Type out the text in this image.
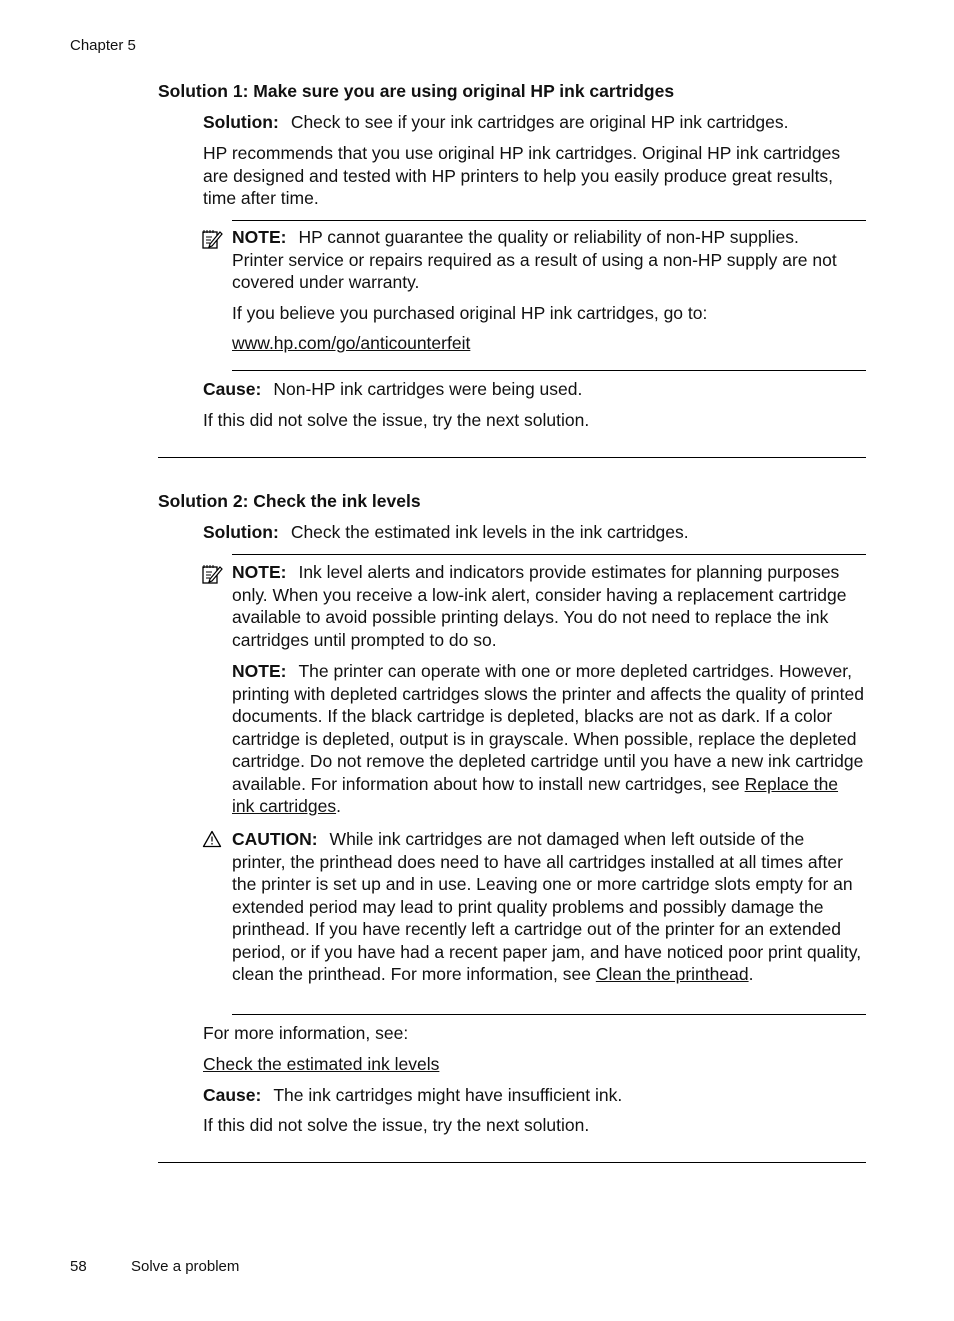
Chapter 5
Solution 1: Make sure you are using original HP ink cartridges
Solution: Check to see if your ink cartridges are original HP ink cartridges.
HP recommends that you use original HP ink cartridges. Original HP ink cartridges are designed and tested with HP printers to help you easily produce great results, time after time.
NOTE: HP cannot guarantee the quality or reliability of non-HP supplies. Printer service or repairs required as a result of using a non-HP supply are not covered under warranty.
If you believe you purchased original HP ink cartridges, go to:
www.hp.com/go/anticounterfeit
Cause: Non-HP ink cartridges were being used.
If this did not solve the issue, try the next solution.
Solution 2: Check the ink levels
Solution: Check the estimated ink levels in the ink cartridges.
NOTE: Ink level alerts and indicators provide estimates for planning purposes only. When you receive a low-ink alert, consider having a replacement cartridge available to avoid possible printing delays. You do not need to replace the ink cartridges until prompted to do so.
NOTE: The printer can operate with one or more depleted cartridges. However, printing with depleted cartridges slows the printer and affects the quality of printed documents. If the black cartridge is depleted, blacks are not as dark. If a color cartridge is depleted, output is in grayscale. When possible, replace the depleted cartridge. Do not remove the depleted cartridge until you have a new ink cartridge available. For information about how to install new cartridges, see Replace the ink cartridges.
CAUTION: While ink cartridges are not damaged when left outside of the printer, the printhead does need to have all cartridges installed at all times after the printer is set up and in use. Leaving one or more cartridge slots empty for an extended period may lead to print quality problems and possibly damage the printhead. If you have recently left a cartridge out of the printer for an extended period, or if you have had a recent paper jam, and have noticed poor print quality, clean the printhead. For more information, see Clean the printhead.
For more information, see:
Check the estimated ink levels
Cause: The ink cartridges might have insufficient ink.
If this did not solve the issue, try the next solution.
58	Solve a problem
